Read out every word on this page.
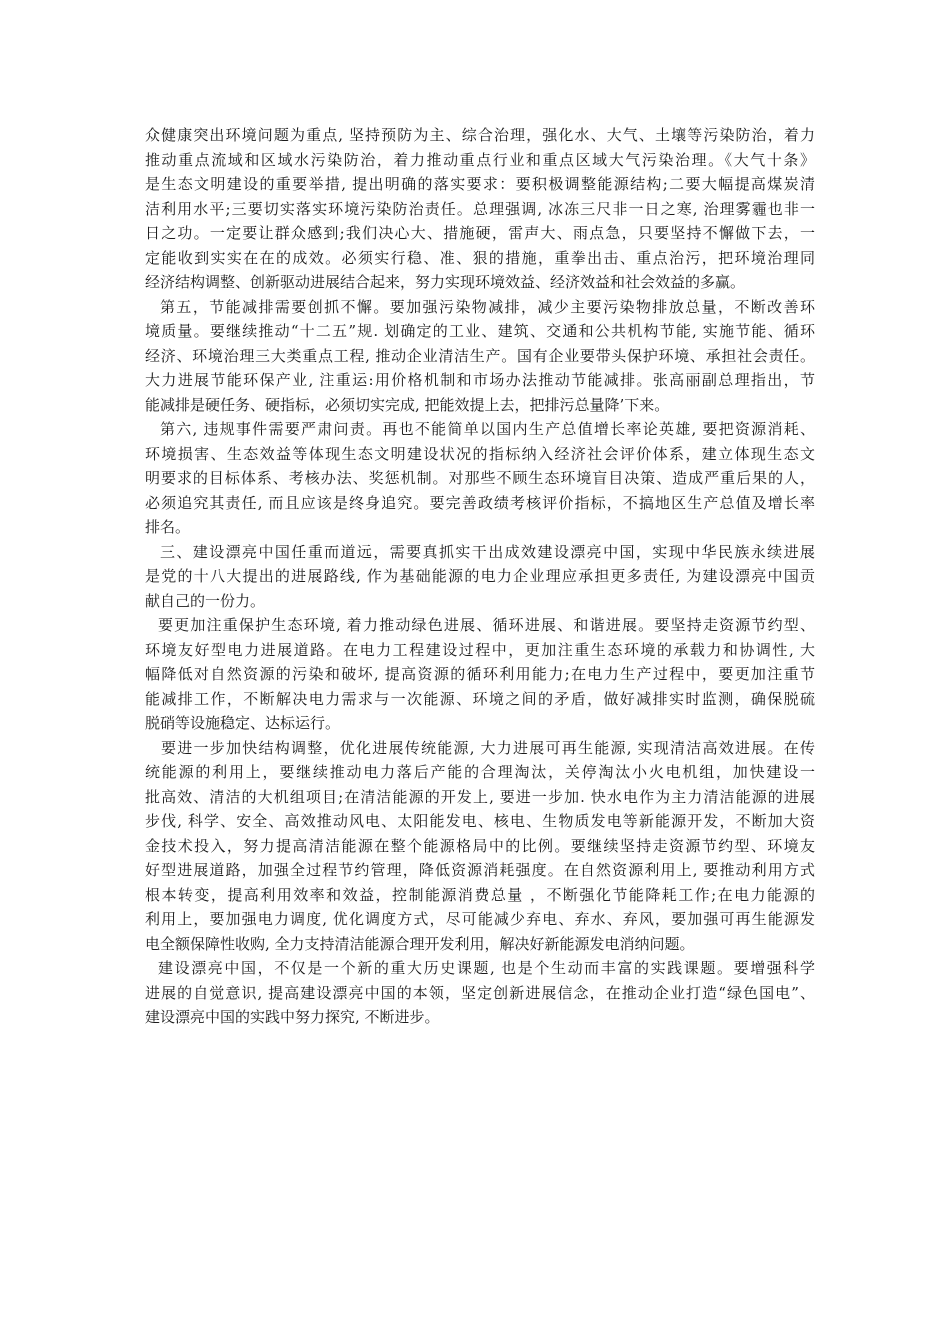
众健康突出环境问题为重点, 坚持预防为主、综合治理，强化水、大气、土壤等污染防治，着力
推动重点流域和区域水污染防治，着力推动重点行业和重点区域大气污染治理。《大气十条》
是生态文明建设的重要举措, 提出明确的落实要求：要积极调整能源结构;二要大幅提高煤炭清
洁利用水平;三要切实落实环境污染防治责任。总理强调, 冰冻三尺非一日之寒, 治理雾霾也非一
日之功。一定要让群众感到;我们决心大、措施硬，雷声大、雨点急，只要坚持不懈做下去，一
定能收到实实在在的成效。必须实行稳、准、狠的措施，重拳出击、重点治污，把环境治理同
经济结构调整、创新驱动进展结合起来，努力实现环境效益、经济效益和社会效益的多赢。
第五，节能减排需要创抓不懈。要加强污染物减排，减少主要污染物排放总量，不断改善环
境质量。要继续推动“十二五”规. 划确定的工业、建筑、交通和公共机构节能, 实施节能、循环
经济、环境治理三大类重点工程, 推动企业清洁生产。国有企业要带头保护环境、承担社会责任。
大力进展节能环保产业, 注重运:用价格机制和市场办法推动节能减排。张高丽副总理指出，节
能减排是硬任务、硬指标，必须切实完成, 把能效提上去，把排污总量降’下来。
第六, 违规事件需要严肃问责。再也不能简单以国内生产总值增长率论英雄, 要把资源消耗、
环境损害、生态效益等体现生态文明建设状况的指标纳入经济社会评价体系，建立体现生态文
明要求的目标体系、考核办法、奖惩机制。对那些不顾生态环境盲目决策、造成严重后果的人，
必须追究其责任, 而且应该是终身追究。要完善政绩考核评价指标，不搞地区生产总值及增长率
排名。
三、建设漂亮中国任重而道远，需要真抓实干出成效建设漂亮中国，实现中华民族永续进展
是党的十八大提出的进展路线, 作为基础能源的电力企业理应承担更多责任, 为建设漂亮中国贡
献自己的一份力。
要更加注重保护生态环境, 着力推动绿色进展、循环进展、和谐进展。要坚持走资源节约型、
环境友好型电力进展道路。在电力工程建设过程中，更加注重生态环境的承载力和协调性, 大
幅降低对自然资源的污染和破坏, 提高资源的循环利用能力;在电力生产过程中，要更加注重节
能减排工作，不断解决电力需求与一次能源、环境之间的矛盾，做好减排实时监测，确保脱硫
脱硝等设施稳定、达标运行。
要进一步加快结构调整，优化进展传统能源, 大力进展可再生能源, 实现清洁高效进展。在传
统能源的利用上，要继续推动电力落后产能的合理淘汰，关停淘汰小火电机组，加快建设一
批高效、清洁的大机组项目;在清洁能源的开发上, 要进一步加. 快水电作为主力清洁能源的进展
步伐, 科学、安全、高效推动风电、太阳能发电、核电、生物质发电等新能源开发，不断加大资
金技术投入，努力提高清洁能源在整个能源格局中的比例。要继续坚持走资源节约型、环境友
好型进展道路，加强全过程节约管理，降低资源消耗强度。在自然资源利用上, 要推动利用方式
根本转变，提高利用效率和效益，控制能源消费总量 ，不断强化节能降耗工作;在电力能源的
利用上，要加强电力调度, 优化调度方式，尽可能减少弃电、弃水、弃风，要加强可再生能源发
电全额保障性收购, 全力支持清洁能源合理开发利用，解决好新能源发电消纳问题。
建设漂亮中国，不仅是一个新的重大历史课题, 也是个生动而丰富的实践课题。要增强科学
进展的自觉意识, 提高建设漂亮中国的本领，坚定创新进展信念，在推动企业打造“绿色国电”、
建设漂亮中国的实践中努力探究, 不断进步。
